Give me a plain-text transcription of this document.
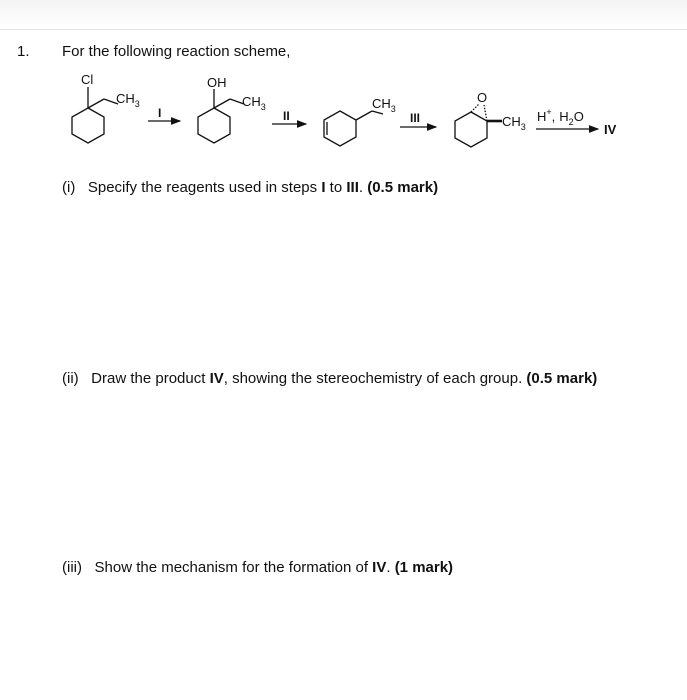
1. For the following reaction scheme,
Cl
$CH_3$
I
OH
$CH_3$
II
$CH_3$
III
O
$CH_3$
H+, $H_2O$
IV
(i) Specify the reagents used in steps I to III. (0.5 mark)
(ii) Draw the product IV, showing the stereochemistry of each group. (0.5 mark)
(iii) Show the mechanism for the formation of IV. (1 mark)
